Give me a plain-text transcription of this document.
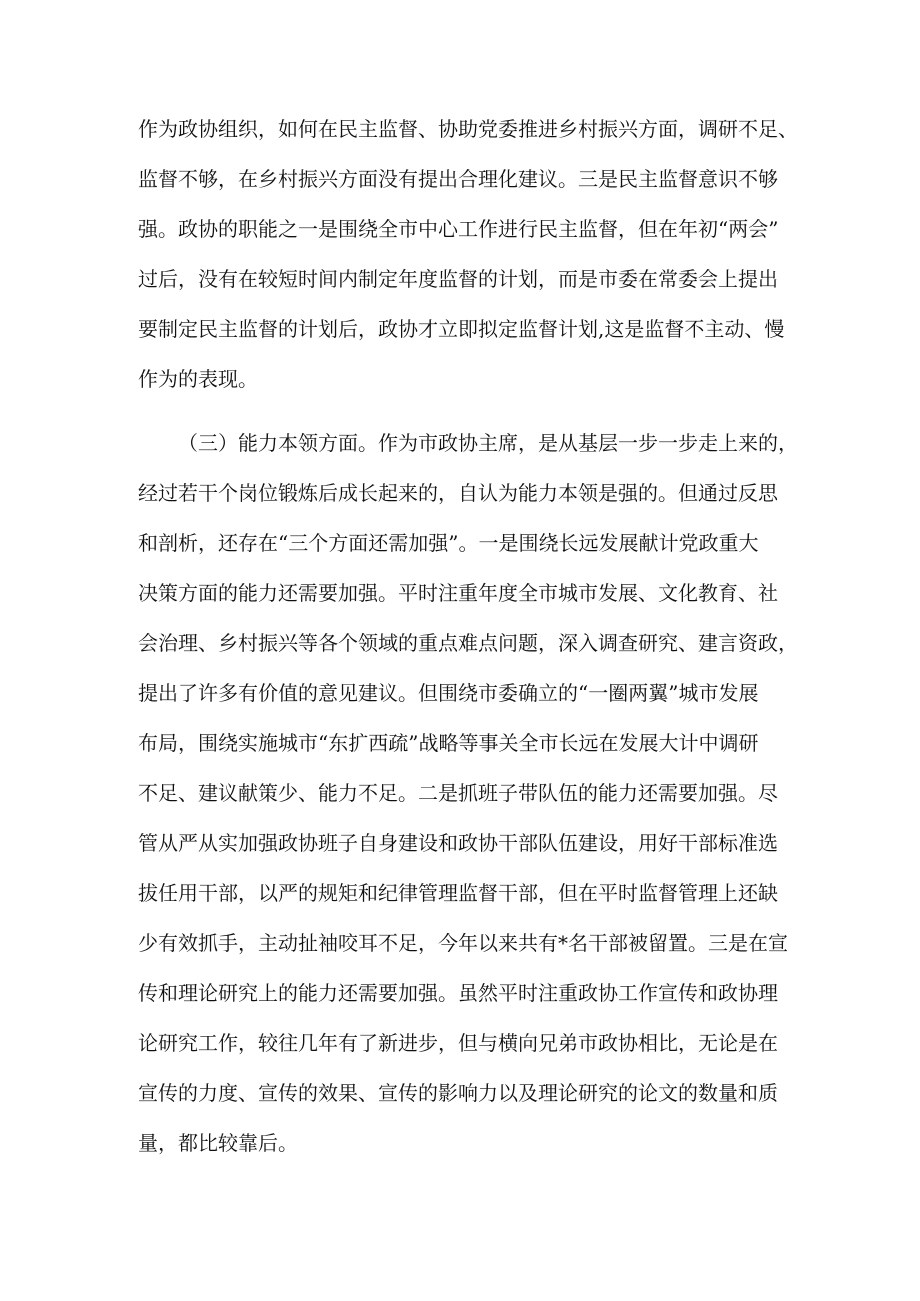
作为政协组织，如何在民主监督、协助党委推进乡村振兴方面，调研不足、

监督不够，在乡村振兴方面没有提出合理化建议。三是民主监督意识不够

强。政协的职能之一是围绕全市中心工作进行民主监督，但在年初“两会”

过后，没有在较短时间内制定年度监督的计划，而是市委在常委会上提出

要制定民主监督的计划后，政协才立即拟定监督计划,这是监督不主动、慢

作为的表现。

（三）能力本领方面。作为市政协主席，是从基层一步一步走上来的，

经过若干个岗位锻炼后成长起来的，自认为能力本领是强的。但通过反思

和剖析，还存在“三个方面还需加强”。一是围绕长远发展献计党政重大

决策方面的能力还需要加强。平时注重年度全市城市发展、文化教育、社

会治理、乡村振兴等各个领域的重点难点问题，深入调查研究、建言资政，

提出了许多有价值的意见建议。但围绕市委确立的“一圈两翼”城市发展

布局，围绕实施城市“东扩西疏”战略等事关全市长远在发展大计中调研

不足、建议献策少、能力不足。二是抓班子带队伍的能力还需要加强。尽

管从严从实加强政协班子自身建设和政协干部队伍建设，用好干部标准选

拔任用干部，以严的规矩和纪律管理监督干部，但在平时监督管理上还缺

少有效抓手，主动扯袖咬耳不足，今年以来共有*名干部被留置。三是在宣

传和理论研究上的能力还需要加强。虽然平时注重政协工作宣传和政协理

论研究工作，较往几年有了新进步，但与横向兄弟市政协相比，无论是在

宣传的力度、宣传的效果、宣传的影响力以及理论研究的论文的数量和质

量，都比较靠后。
